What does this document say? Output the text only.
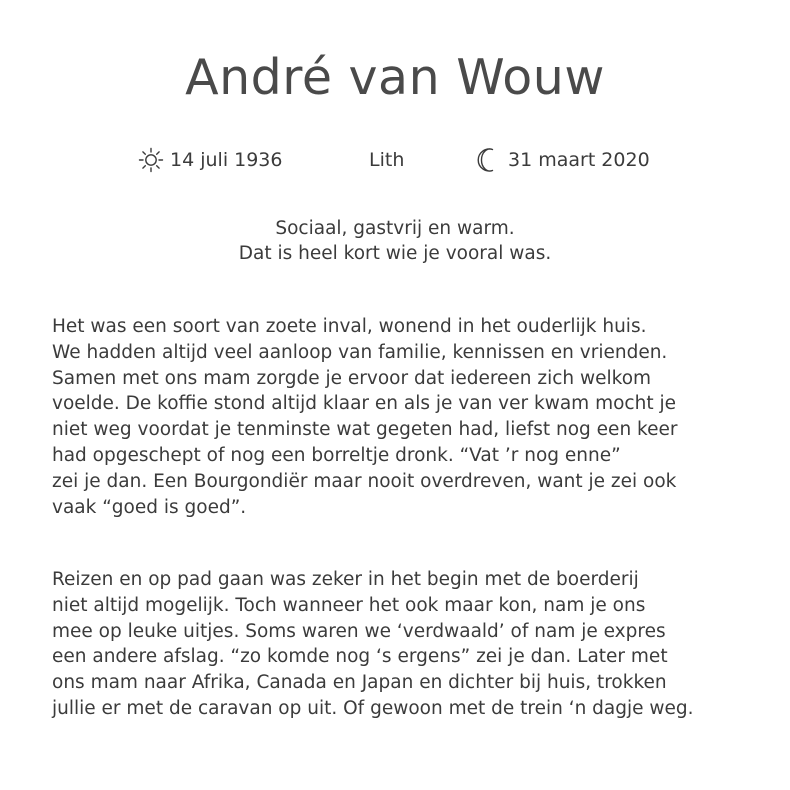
André van Wouw
14 juli 1936	Lith	31 maart 2020
Sociaal, gastvrij en warm.
Dat is heel kort wie je vooral was.
Het was een soort van zoete inval, wonend in het ouderlijk huis.
We hadden altijd veel aanloop van familie, kennissen en vrienden.
Samen met ons mam zorgde je ervoor dat iedereen zich welkom
voelde. De koffie stond altijd klaar en als je van ver kwam mocht je
niet weg voordat je tenminste wat gegeten had, liefst nog een keer
had opgeschept of nog een borreltje dronk. “Vat ’r nog enne”
zei je dan. Een Bourgondiër maar nooit overdreven, want je zei ook
vaak “goed is goed”.
Reizen en op pad gaan was zeker in het begin met de boerderij
niet altijd mogelijk. Toch wanneer het ook maar kon, nam je ons
mee op leuke uitjes. Soms waren we ‘verdwaald’ of nam je expres
een andere afslag. “zo komde nog ‘s ergens” zei je dan. Later met
ons mam naar Afrika, Canada en Japan en dichter bij huis, trokken
jullie er met de caravan op uit. Of gewoon met de trein ‘n dagje weg.
